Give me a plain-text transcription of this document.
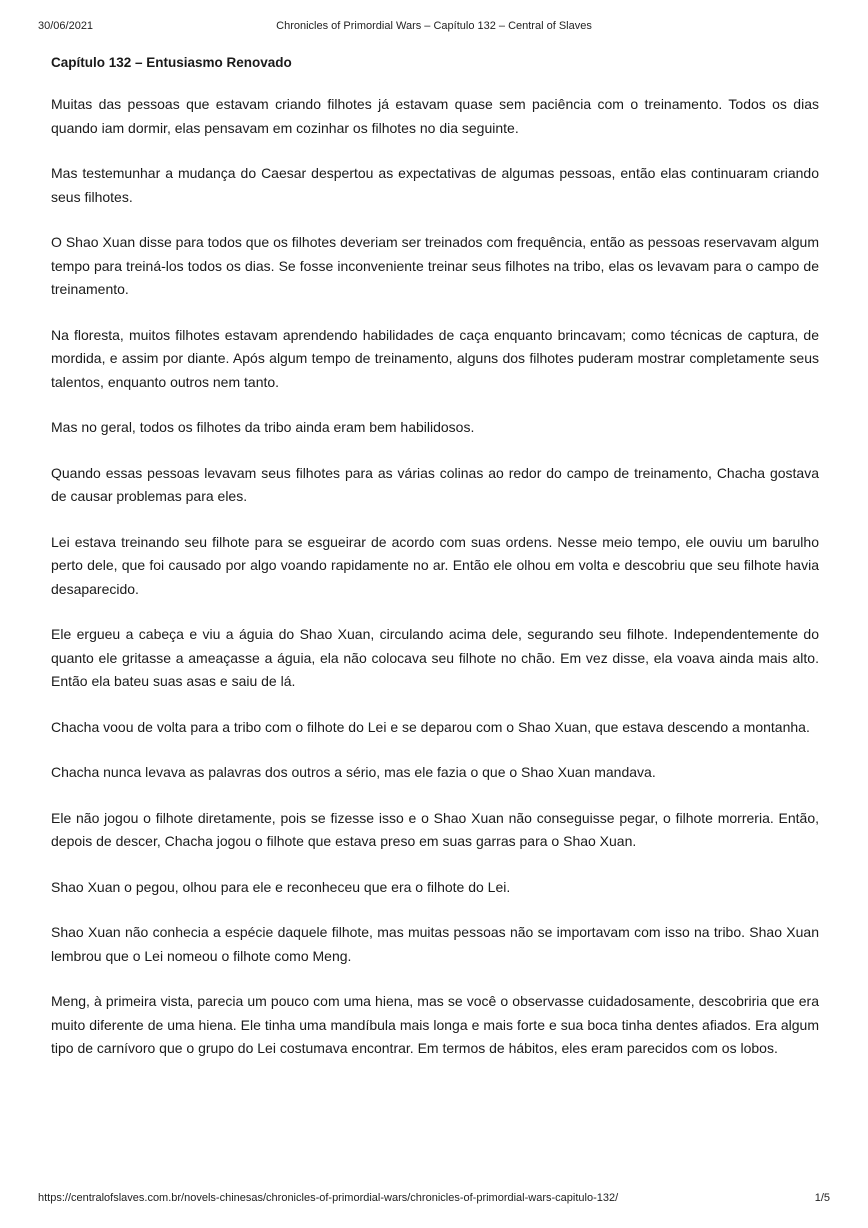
30/06/2021	Chronicles of Primordial Wars – Capítulo 132 – Central of Slaves
Capítulo 132 – Entusiasmo Renovado

Muitas das pessoas que estavam criando filhotes já estavam quase sem paciência com o treinamento. Todos os dias quando iam dormir, elas pensavam em cozinhar os filhotes no dia seguinte.

Mas testemunhar a mudança do Caesar despertou as expectativas de algumas pessoas, então elas continuaram criando seus filhotes.

O Shao Xuan disse para todos que os filhotes deveriam ser treinados com frequência, então as pessoas reservavam algum tempo para treiná-los todos os dias. Se fosse inconveniente treinar seus filhotes na tribo, elas os levavam para o campo de treinamento.

Na floresta, muitos filhotes estavam aprendendo habilidades de caça enquanto brincavam; como técnicas de captura, de mordida, e assim por diante. Após algum tempo de treinamento, alguns dos filhotes puderam mostrar completamente seus talentos, enquanto outros nem tanto.

Mas no geral, todos os filhotes da tribo ainda eram bem habilidosos.

Quando essas pessoas levavam seus filhotes para as várias colinas ao redor do campo de treinamento, Chacha gostava de causar problemas para eles.

Lei estava treinando seu filhote para se esgueirar de acordo com suas ordens. Nesse meio tempo, ele ouviu um barulho perto dele, que foi causado por algo voando rapidamente no ar. Então ele olhou em volta e descobriu que seu filhote havia desaparecido.

Ele ergueu a cabeça e viu a águia do Shao Xuan, circulando acima dele, segurando seu filhote. Independentemente do quanto ele gritasse a ameaçasse a águia, ela não colocava seu filhote no chão. Em vez disse, ela voava ainda mais alto. Então ela bateu suas asas e saiu de lá.

Chacha voou de volta para a tribo com o filhote do Lei e se deparou com o Shao Xuan, que estava descendo a montanha.

Chacha nunca levava as palavras dos outros a sério, mas ele fazia o que o Shao Xuan mandava.

Ele não jogou o filhote diretamente, pois se fizesse isso e o Shao Xuan não conseguisse pegar, o filhote morreria. Então, depois de descer, Chacha jogou o filhote que estava preso em suas garras para o Shao Xuan.

Shao Xuan o pegou, olhou para ele e reconheceu que era o filhote do Lei.

Shao Xuan não conhecia a espécie daquele filhote, mas muitas pessoas não se importavam com isso na tribo. Shao Xuan lembrou que o Lei nomeou o filhote como Meng.

Meng, à primeira vista, parecia um pouco com uma hiena, mas se você o observasse cuidadosamente, descobriria que era muito diferente de uma hiena. Ele tinha uma mandíbula mais longa e mais forte e sua boca tinha dentes afiados. Era algum tipo de carnívoro que o grupo do Lei costumava encontrar. Em termos de hábitos, eles eram parecidos com os lobos.

https://centralofslaves.com.br/novels-chinesas/chronicles-of-primordial-wars/chronicles-of-primordial-wars-capitulo-132/	1/5
